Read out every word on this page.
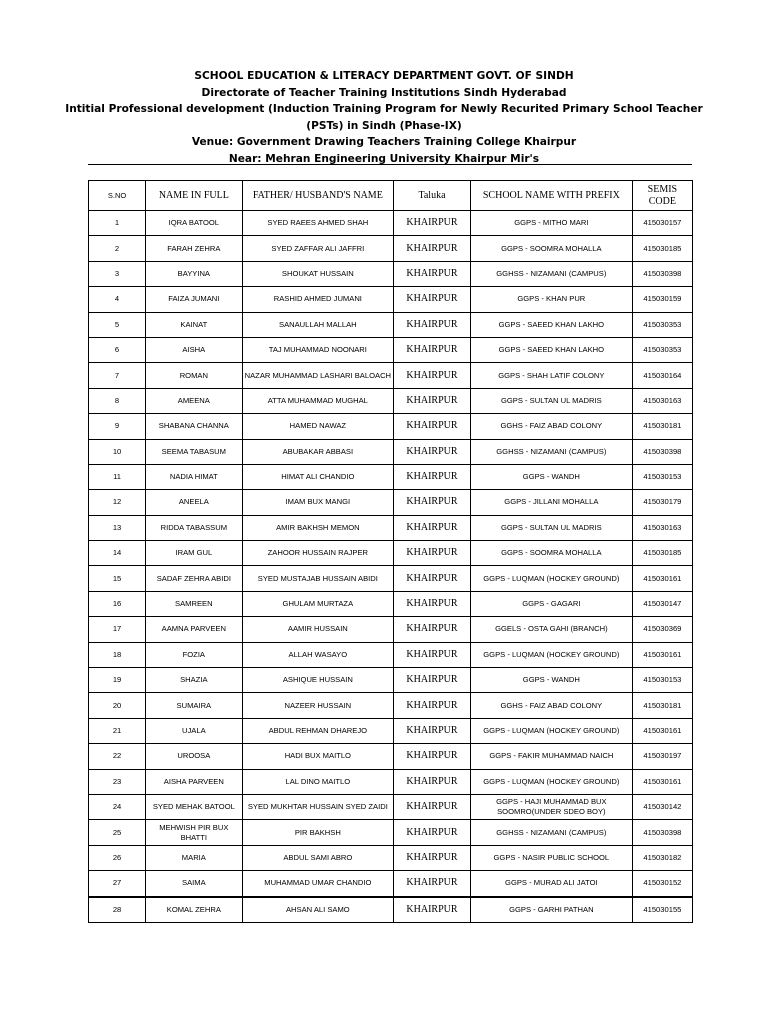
SCHOOL EDUCATION & LITERACY DEPARTMENT GOVT. OF SINDH
Directorate of Teacher Training Institutions Sindh Hyderabad
Intitial Professional development (Induction Training Program for Newly Recurited Primary School Teacher
(PSTs) in Sindh (Phase-IX)
Venue: Government Drawing Teachers Training College Khairpur
Near: Mehran Engineering University Khairpur Mir's
S.NO	NAME IN FULL	FATHER/ HUSBAND'S NAME	Taluka	SCHOOL NAME WITH PREFIX	SEMIS CODE
1	IQRA BATOOL	SYED RAEES AHMED SHAH	KHAIRPUR	GGPS - MITHO MARI	415030157
2	FARAH ZEHRA	SYED ZAFFAR ALI JAFFRI	KHAIRPUR	GGPS - SOOMRA MOHALLA	415030185
3	BAYYINA	SHOUKAT HUSSAIN	KHAIRPUR	GGHSS - NIZAMANI (CAMPUS)	415030398
4	FAIZA JUMANI	RASHID AHMED JUMANI	KHAIRPUR	GGPS - KHAN PUR	415030159
5	KAINAT	SANAULLAH MALLAH	KHAIRPUR	GGPS - SAEED KHAN LAKHO	415030353
6	AISHA	TAJ MUHAMMAD NOONARI	KHAIRPUR	GGPS - SAEED KHAN LAKHO	415030353
7	ROMAN	NAZAR MUHAMMAD LASHARI BALOACH	KHAIRPUR	GGPS - SHAH LATIF COLONY	415030164
8	AMEENA	ATTA MUHAMMAD MUGHAL	KHAIRPUR	GGPS - SULTAN UL MADRIS	415030163
9	SHABANA CHANNA	HAMED NAWAZ	KHAIRPUR	GGHS - FAIZ ABAD COLONY	415030181
10	SEEMA TABASUM	ABUBAKAR ABBASI	KHAIRPUR	GGHSS - NIZAMANI (CAMPUS)	415030398
11	NADIA HIMAT	HIMAT ALI CHANDIO	KHAIRPUR	GGPS - WANDH	415030153
12	ANEELA	IMAM BUX MANGI	KHAIRPUR	GGPS - JILLANI MOHALLA	415030179
13	RIDDA TABASSUM	AMIR BAKHSH MEMON	KHAIRPUR	GGPS - SULTAN UL MADRIS	415030163
14	IRAM GUL	ZAHOOR HUSSAIN RAJPER	KHAIRPUR	GGPS - SOOMRA MOHALLA	415030185
15	SADAF ZEHRA ABIDI	SYED MUSTAJAB HUSSAIN ABIDI	KHAIRPUR	GGPS - LUQMAN (HOCKEY GROUND)	415030161
16	SAMREEN	GHULAM MURTAZA	KHAIRPUR	GGPS - GAGARI	415030147
17	AAMNA PARVEEN	AAMIR HUSSAIN	KHAIRPUR	GGELS - OSTA GAHI (BRANCH)	415030369
18	FOZIA	ALLAH WASAYO	KHAIRPUR	GGPS - LUQMAN (HOCKEY GROUND)	415030161
19	SHAZIA	ASHIQUE HUSSAIN	KHAIRPUR	GGPS - WANDH	415030153
20	SUMAIRA	NAZEER HUSSAIN	KHAIRPUR	GGHS - FAIZ ABAD COLONY	415030181
21	UJALA	ABDUL REHMAN DHAREJO	KHAIRPUR	GGPS - LUQMAN (HOCKEY GROUND)	415030161
22	UROOSA	HADI BUX MAITLO	KHAIRPUR	GGPS - FAKIR MUHAMMAD NAICH	415030197
23	AISHA PARVEEN	LAL DINO MAITLO	KHAIRPUR	GGPS - LUQMAN (HOCKEY GROUND)	415030161
24	SYED MEHAK BATOOL	SYED MUKHTAR HUSSAIN SYED ZAIDI	KHAIRPUR	GGPS - HAJI MUHAMMAD BUX SOOMRO(UNDER SDEO BOY)	415030142
25	MEHWISH PIR BUX BHATTI	PIR BAKHSH	KHAIRPUR	GGHSS - NIZAMANI (CAMPUS)	415030398
26	MARIA	ABDUL SAMI ABRO	KHAIRPUR	GGPS - NASIR PUBLIC SCHOOL	415030182
27	SAIMA	MUHAMMAD UMAR CHANDIO	KHAIRPUR	GGPS - MURAD ALI JATOI	415030152
28	KOMAL ZEHRA	AHSAN ALI SAMO	KHAIRPUR	GGPS - GARHI PATHAN	415030155
